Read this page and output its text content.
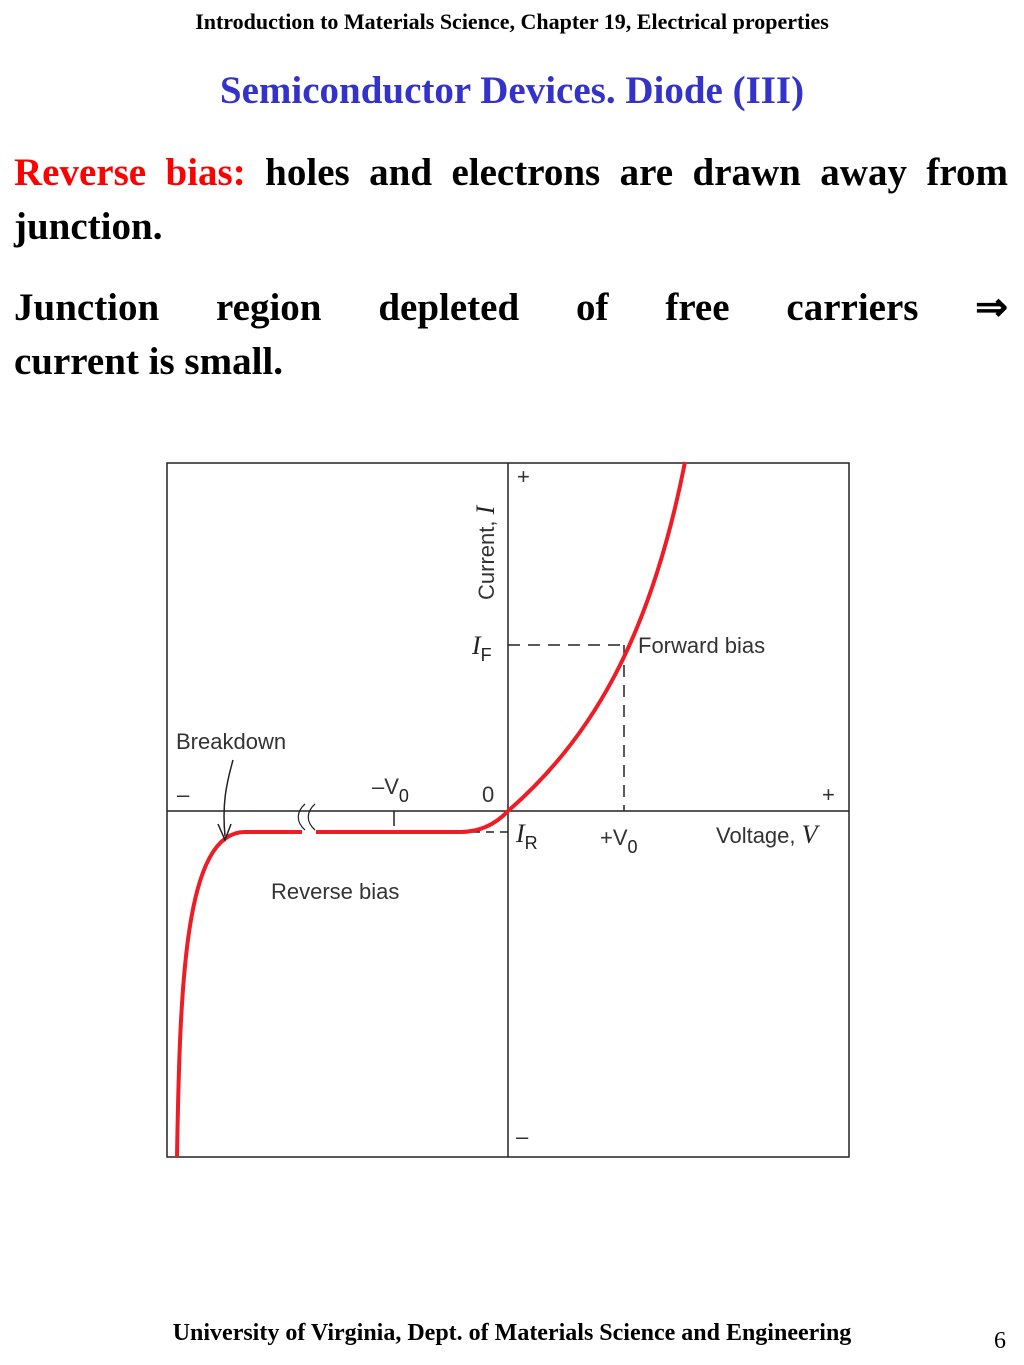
Introduction to Materials Science, Chapter 19, Electrical properties
Semiconductor Devices. Diode (III)
Reverse bias: holes and electrons are drawn away from junction.
Junction region depleted of free carriers ⇒
current is small.
+
–
+
–	0
Current, I
Voltage, V
–V0
+V0
IF
IR
Forward bias
Reverse bias
Breakdown
University of Virginia, Dept. of Materials Science and Engineering	6
